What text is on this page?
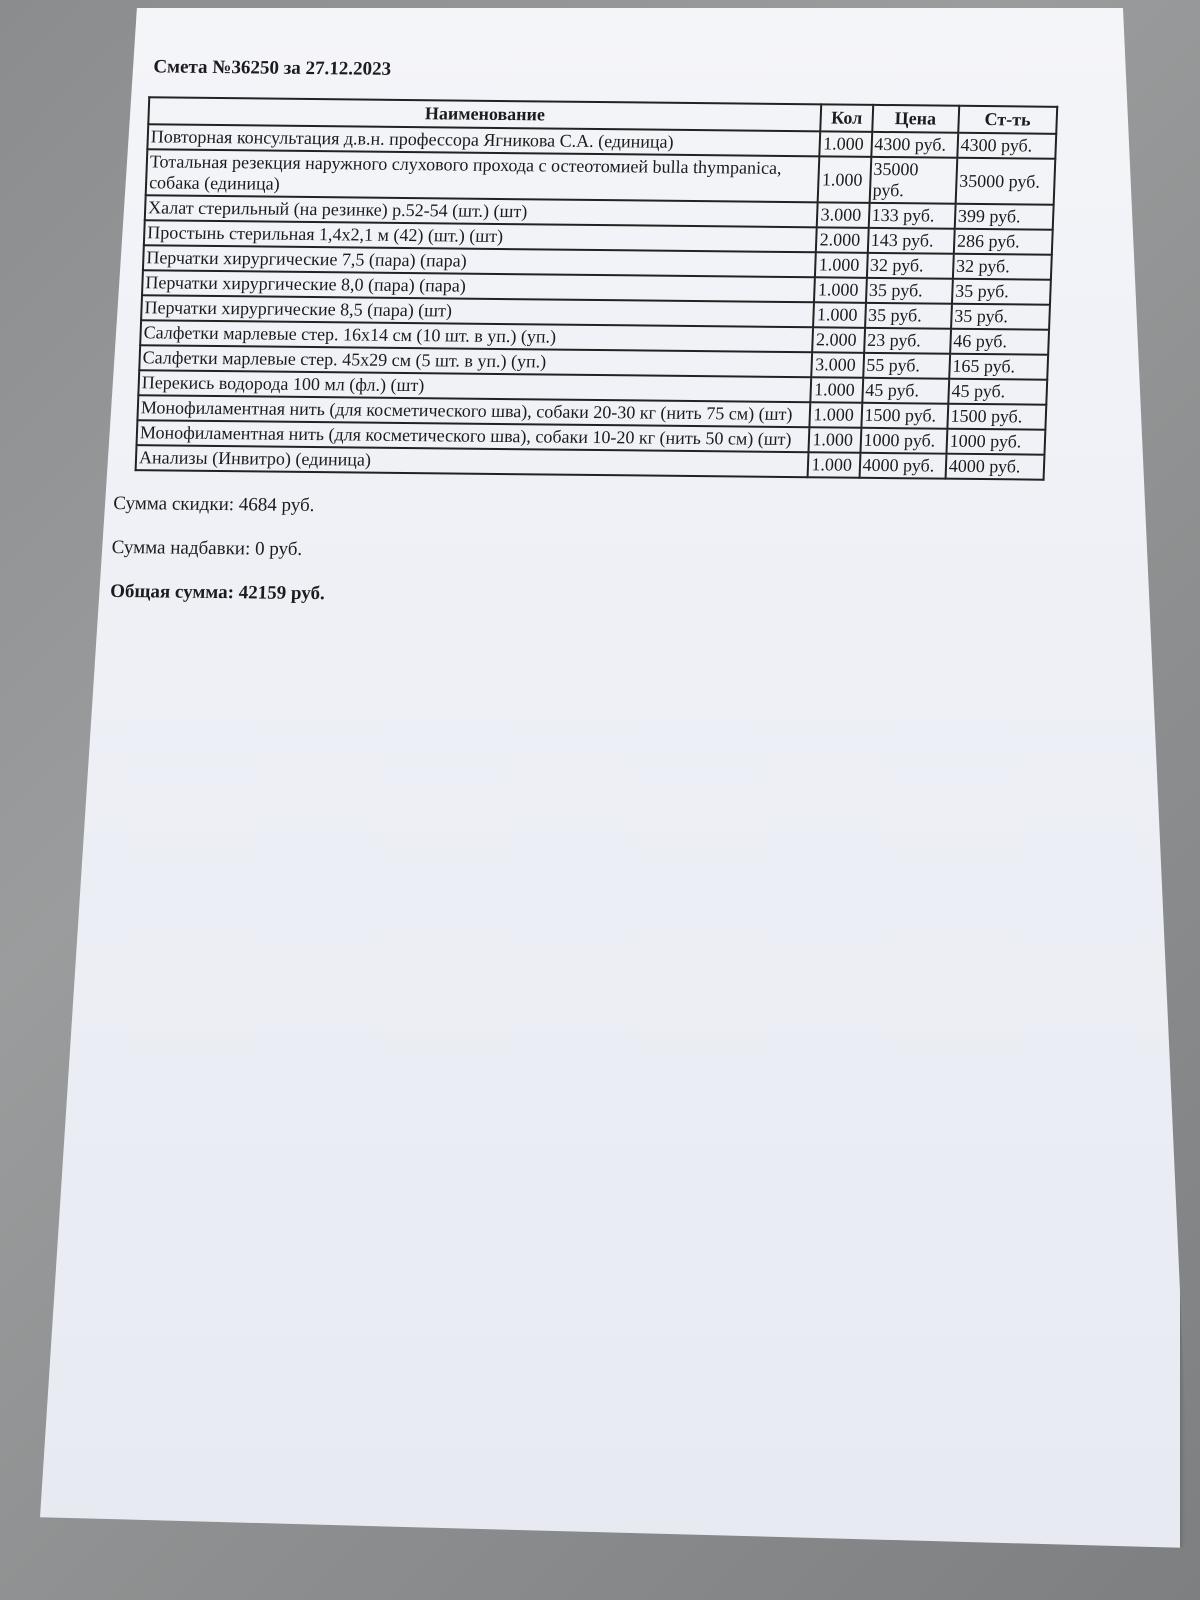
Смета №36250 за 27.12.2023
Наименование	Кол	Цена	Ст-ть
Повторная консультация д.в.н. профессора Ягникова С.А. (единица)	1.000	4300 руб.	4300 руб.
Тотальная резекция наружного слухового прохода с остеотомией bulla thympanica, собака (единица)	1.000	35000 руб.	35000 руб.
Халат стерильный (на резинке) р.52-54 (шт.) (шт)	3.000	133 руб.	399 руб.
Простынь стерильная 1,4х2,1 м (42) (шт.) (шт)	2.000	143 руб.	286 руб.
Перчатки хирургические 7,5 (пара) (пара)	1.000	32 руб.	32 руб.
Перчатки хирургические 8,0 (пара) (пара)	1.000	35 руб.	35 руб.
Перчатки хирургические 8,5 (пара) (шт)	1.000	35 руб.	35 руб.
Салфетки марлевые стер. 16х14 см (10 шт. в уп.) (уп.)	2.000	23 руб.	46 руб.
Салфетки марлевые стер. 45х29 см (5 шт. в уп.) (уп.)	3.000	55 руб.	165 руб.
Перекись водорода 100 мл (фл.) (шт)	1.000	45 руб.	45 руб.
Монофиламентная нить (для косметического шва), собаки 20-30 кг (нить 75 см) (шт)	1.000	1500 руб.	1500 руб.
Монофиламентная нить (для косметического шва), собаки 10-20 кг (нить 50 см) (шт)	1.000	1000 руб.	1000 руб.
Анализы (Инвитро) (единица)	1.000	4000 руб.	4000 руб.

Сумма скидки: 4684 руб.

Сумма надбавки: 0 руб.

Общая сумма: 42159 руб.
